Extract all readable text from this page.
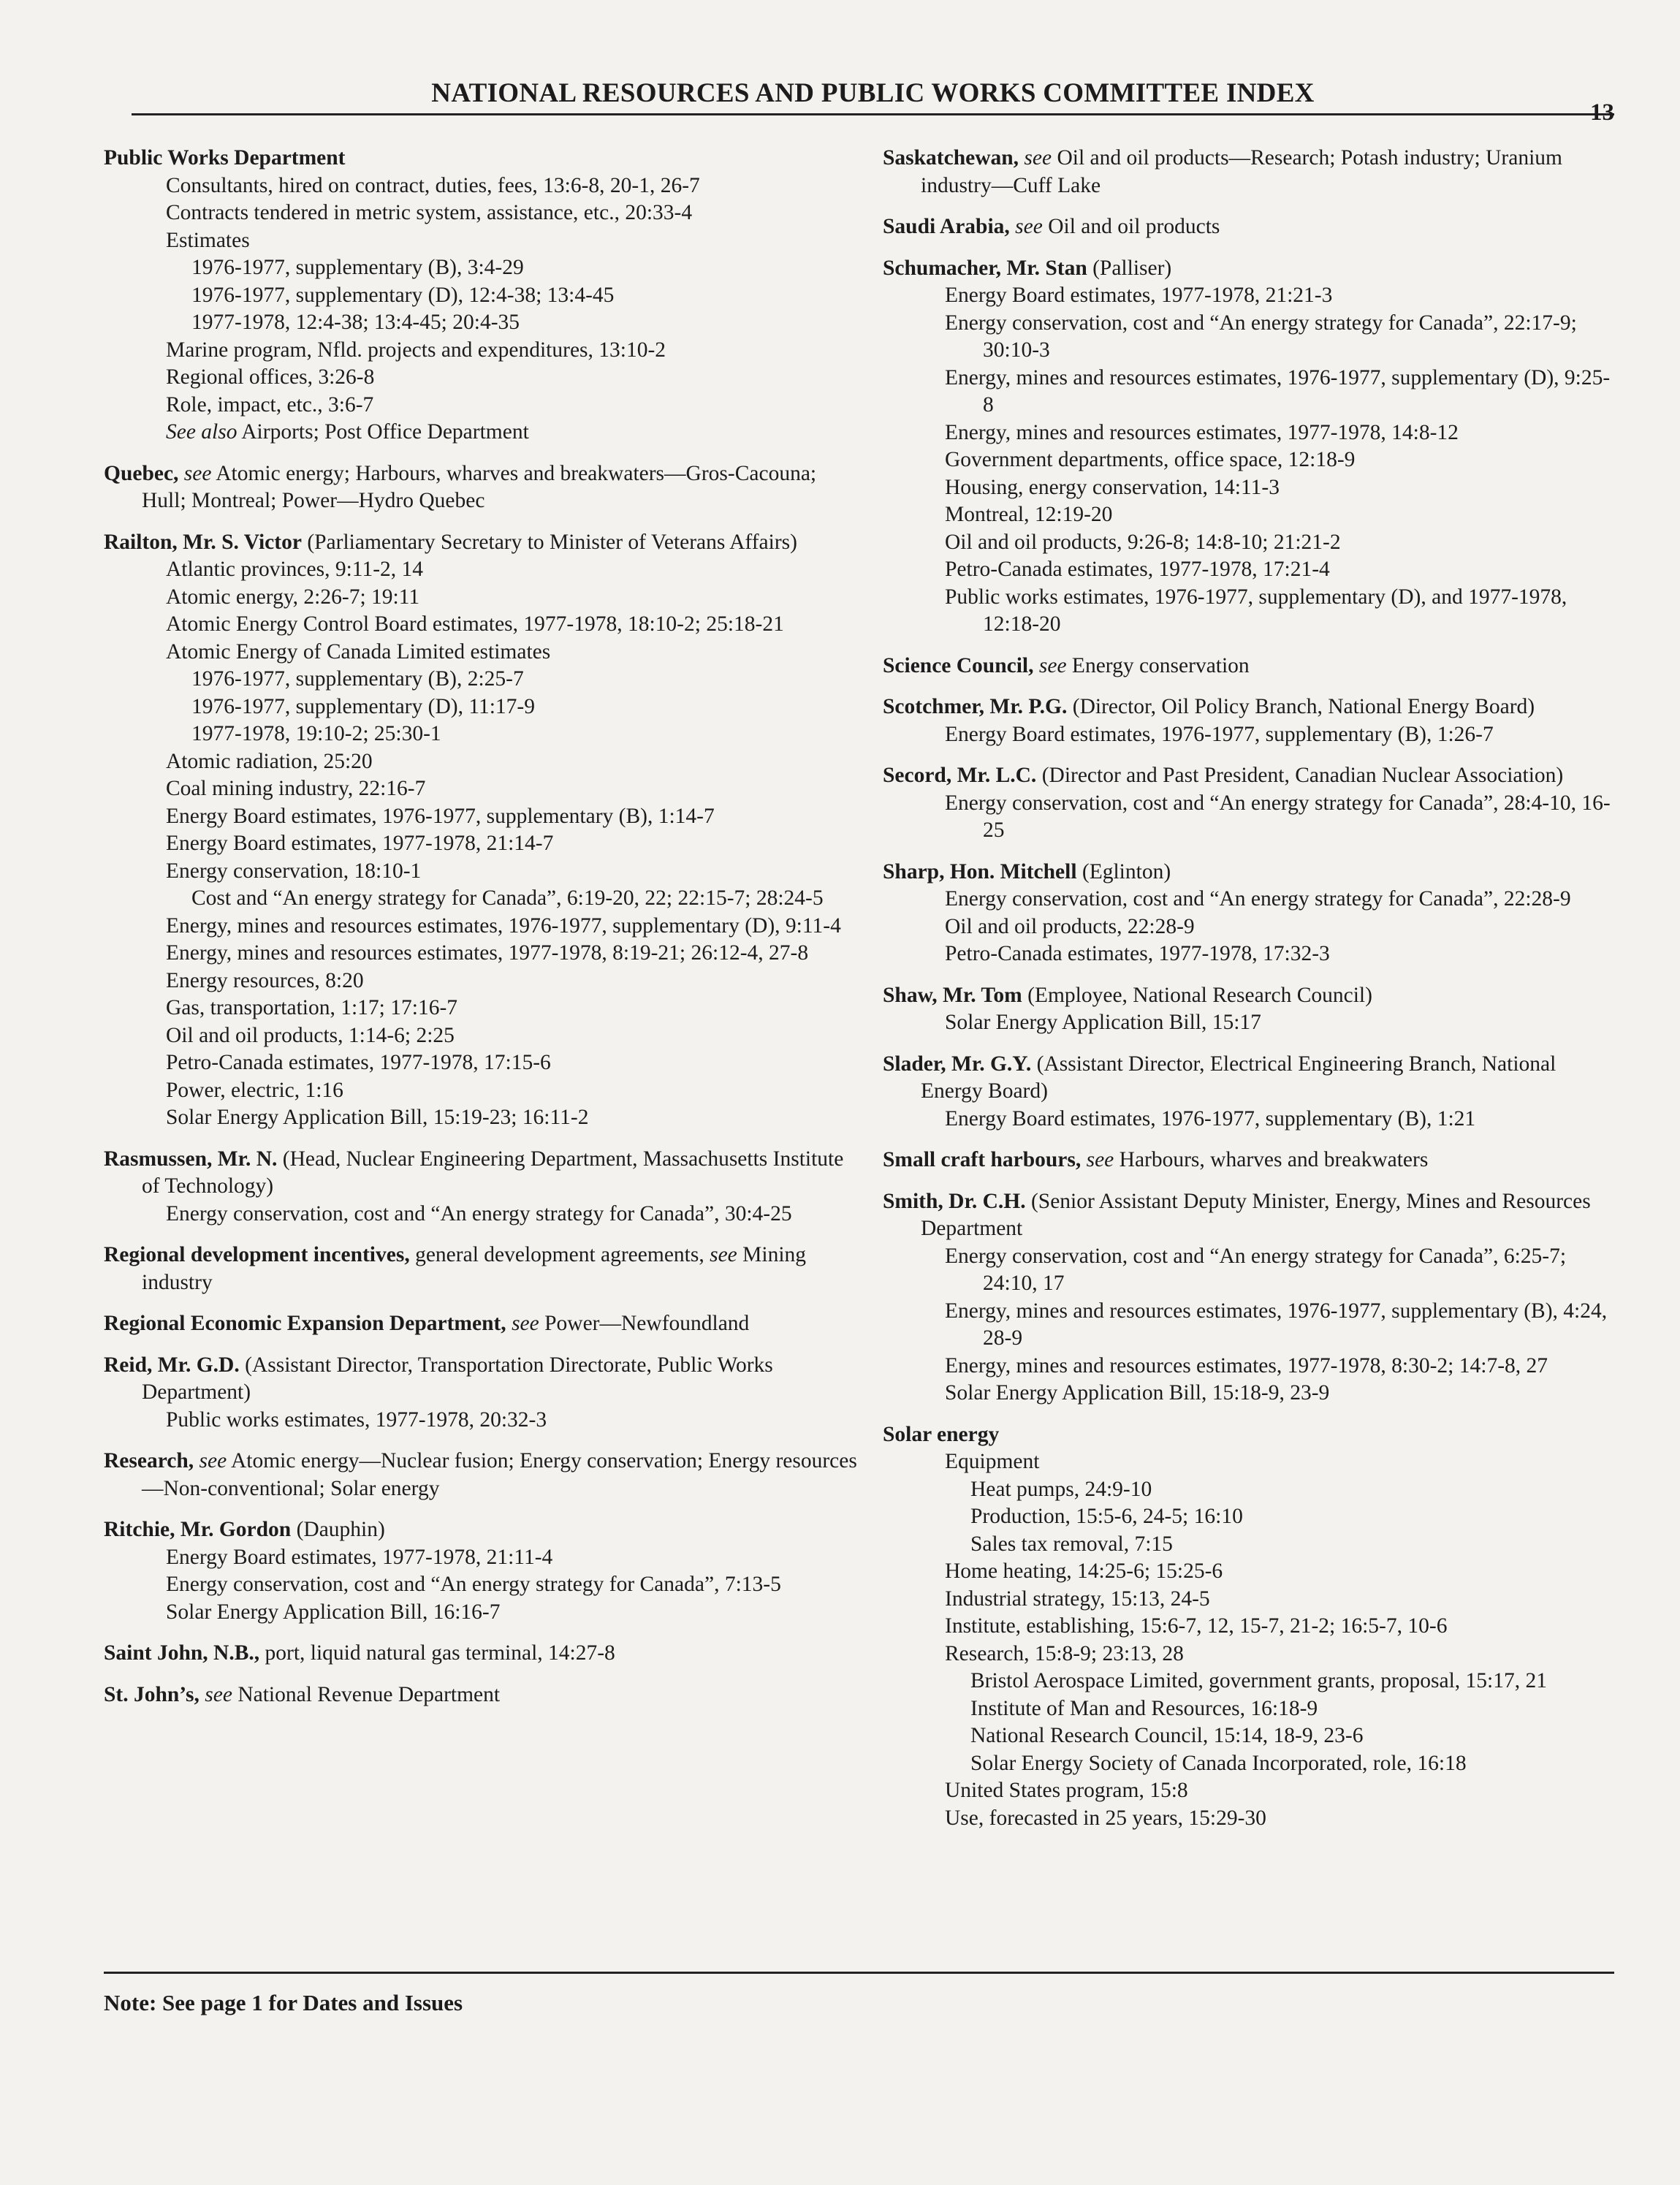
NATIONAL RESOURCES AND PUBLIC WORKS COMMITTEE INDEX
13
Public Works Department
Consultants, hired on contract, duties, fees, 13:6-8, 20-1, 26-7
Contracts tendered in metric system, assistance, etc., 20:33-4
Estimates
1976-1977, supplementary (B), 3:4-29
1976-1977, supplementary (D), 12:4-38; 13:4-45
1977-1978, 12:4-38; 13:4-45; 20:4-35
Marine program, Nfld. projects and expenditures, 13:10-2
Regional offices, 3:26-8
Role, impact, etc., 3:6-7
See also Airports; Post Office Department
Quebec, see Atomic energy; Harbours, wharves and breakwaters—Gros-Cacouna; Hull; Montreal; Power—Hydro Quebec
Railton, Mr. S. Victor (Parliamentary Secretary to Minister of Veterans Affairs)
Atlantic provinces, 9:11-2, 14
Atomic energy, 2:26-7; 19:11
Atomic Energy Control Board estimates, 1977-1978, 18:10-2; 25:18-21
Atomic Energy of Canada Limited estimates
1976-1977, supplementary (B), 2:25-7
1976-1977, supplementary (D), 11:17-9
1977-1978, 19:10-2; 25:30-1
Atomic radiation, 25:20
Coal mining industry, 22:16-7
Energy Board estimates, 1976-1977, supplementary (B), 1:14-7
Energy Board estimates, 1977-1978, 21:14-7
Energy conservation, 18:10-1
Cost and “An energy strategy for Canada”, 6:19-20, 22; 22:15-7; 28:24-5
Energy, mines and resources estimates, 1976-1977, supplementary (D), 9:11-4
Energy, mines and resources estimates, 1977-1978, 8:19-21; 26:12-4, 27-8
Energy resources, 8:20
Gas, transportation, 1:17; 17:16-7
Oil and oil products, 1:14-6; 2:25
Petro-Canada estimates, 1977-1978, 17:15-6
Power, electric, 1:16
Solar Energy Application Bill, 15:19-23; 16:11-2
Rasmussen, Mr. N. (Head, Nuclear Engineering Department, Massachusetts Institute of Technology)
Energy conservation, cost and “An energy strategy for Canada”, 30:4-25
Regional development incentives, general development agreements, see Mining industry
Regional Economic Expansion Department, see Power—Newfoundland
Reid, Mr. G.D. (Assistant Director, Transportation Directorate, Public Works Department)
Public works estimates, 1977-1978, 20:32-3
Research, see Atomic energy—Nuclear fusion; Energy conservation; Energy resources—Non-conventional; Solar energy
Ritchie, Mr. Gordon (Dauphin)
Energy Board estimates, 1977-1978, 21:11-4
Energy conservation, cost and “An energy strategy for Canada”, 7:13-5
Solar Energy Application Bill, 16:16-7
Saint John, N.B., port, liquid natural gas terminal, 14:27-8
St. John’s, see National Revenue Department
Saskatchewan, see Oil and oil products—Research; Potash industry; Uranium industry—Cuff Lake
Saudi Arabia, see Oil and oil products
Schumacher, Mr. Stan (Palliser)
Energy Board estimates, 1977-1978, 21:21-3
Energy conservation, cost and “An energy strategy for Canada”, 22:17-9; 30:10-3
Energy, mines and resources estimates, 1976-1977, supplementary (D), 9:25-8
Energy, mines and resources estimates, 1977-1978, 14:8-12
Government departments, office space, 12:18-9
Housing, energy conservation, 14:11-3
Montreal, 12:19-20
Oil and oil products, 9:26-8; 14:8-10; 21:21-2
Petro-Canada estimates, 1977-1978, 17:21-4
Public works estimates, 1976-1977, supplementary (D), and 1977-1978, 12:18-20
Science Council, see Energy conservation
Scotchmer, Mr. P.G. (Director, Oil Policy Branch, National Energy Board)
Energy Board estimates, 1976-1977, supplementary (B), 1:26-7
Secord, Mr. L.C. (Director and Past President, Canadian Nuclear Association)
Energy conservation, cost and “An energy strategy for Canada”, 28:4-10, 16-25
Sharp, Hon. Mitchell (Eglinton)
Energy conservation, cost and “An energy strategy for Canada”, 22:28-9
Oil and oil products, 22:28-9
Petro-Canada estimates, 1977-1978, 17:32-3
Shaw, Mr. Tom (Employee, National Research Council)
Solar Energy Application Bill, 15:17
Slader, Mr. G.Y. (Assistant Director, Electrical Engineering Branch, National Energy Board)
Energy Board estimates, 1976-1977, supplementary (B), 1:21
Small craft harbours, see Harbours, wharves and breakwaters
Smith, Dr. C.H. (Senior Assistant Deputy Minister, Energy, Mines and Resources Department
Energy conservation, cost and “An energy strategy for Canada”, 6:25-7; 24:10, 17
Energy, mines and resources estimates, 1976-1977, supplementary (B), 4:24, 28-9
Energy, mines and resources estimates, 1977-1978, 8:30-2; 14:7-8, 27
Solar Energy Application Bill, 15:18-9, 23-9
Solar energy
Equipment
Heat pumps, 24:9-10
Production, 15:5-6, 24-5; 16:10
Sales tax removal, 7:15
Home heating, 14:25-6; 15:25-6
Industrial strategy, 15:13, 24-5
Institute, establishing, 15:6-7, 12, 15-7, 21-2; 16:5-7, 10-6
Research, 15:8-9; 23:13, 28
Bristol Aerospace Limited, government grants, proposal, 15:17, 21
Institute of Man and Resources, 16:18-9
National Research Council, 15:14, 18-9, 23-6
Solar Energy Society of Canada Incorporated, role, 16:18
United States program, 15:8
Use, forecasted in 25 years, 15:29-30
Note: See page 1 for Dates and Issues
